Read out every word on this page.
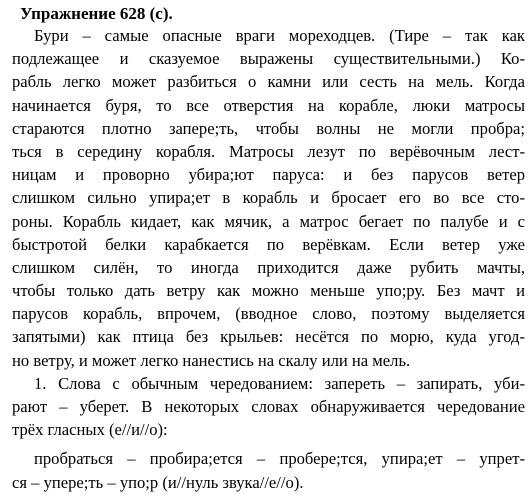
Упражнение 628 (с).
Бури – самые опасные враги мореходцев. (Тире – так как
подлежащее и сказуемое выражены существительными.) Ко-
рабль легко может разбиться о камни или сесть на мель. Когда
начинается буря, то все отверстия на корабле, люки матросы
стараются плотно запере;ть, чтобы волны не могли пробра;
ться в середину корабля. Матросы лезут по верёвочным лест-
ницам и проворно убира;ют паруса: и без парусов ветер
слишком сильно упира;ет в корабль и бросает его во все сто-
роны. Корабль кидает, как мячик, а матрос бегает по палубе и с
быстротой белки карабкается по верёвкам. Если ветер уже
слишком силён, то иногда приходится даже рубить мачты,
чтобы только дать ветру как можно меньше упо;ру. Без мачт и
парусов корабль, впрочем, (вводное слово, поэтому выделяется
запятыми) как птица без крыльев: несётся по морю, куда угод-
но ветру, и может легко нанестись на скалу или на мель.
1. Слова с обычным чередованием: запереть – запирать, уби-
рают – уберет. В некоторых словах обнаруживается чередование
трёх гласных (е//и//о):
пробраться – пробира;ется – пробере;тся, упира;ет – упрет-
ся – упере;ть – упо;р (и//нуль звука//е//о).
